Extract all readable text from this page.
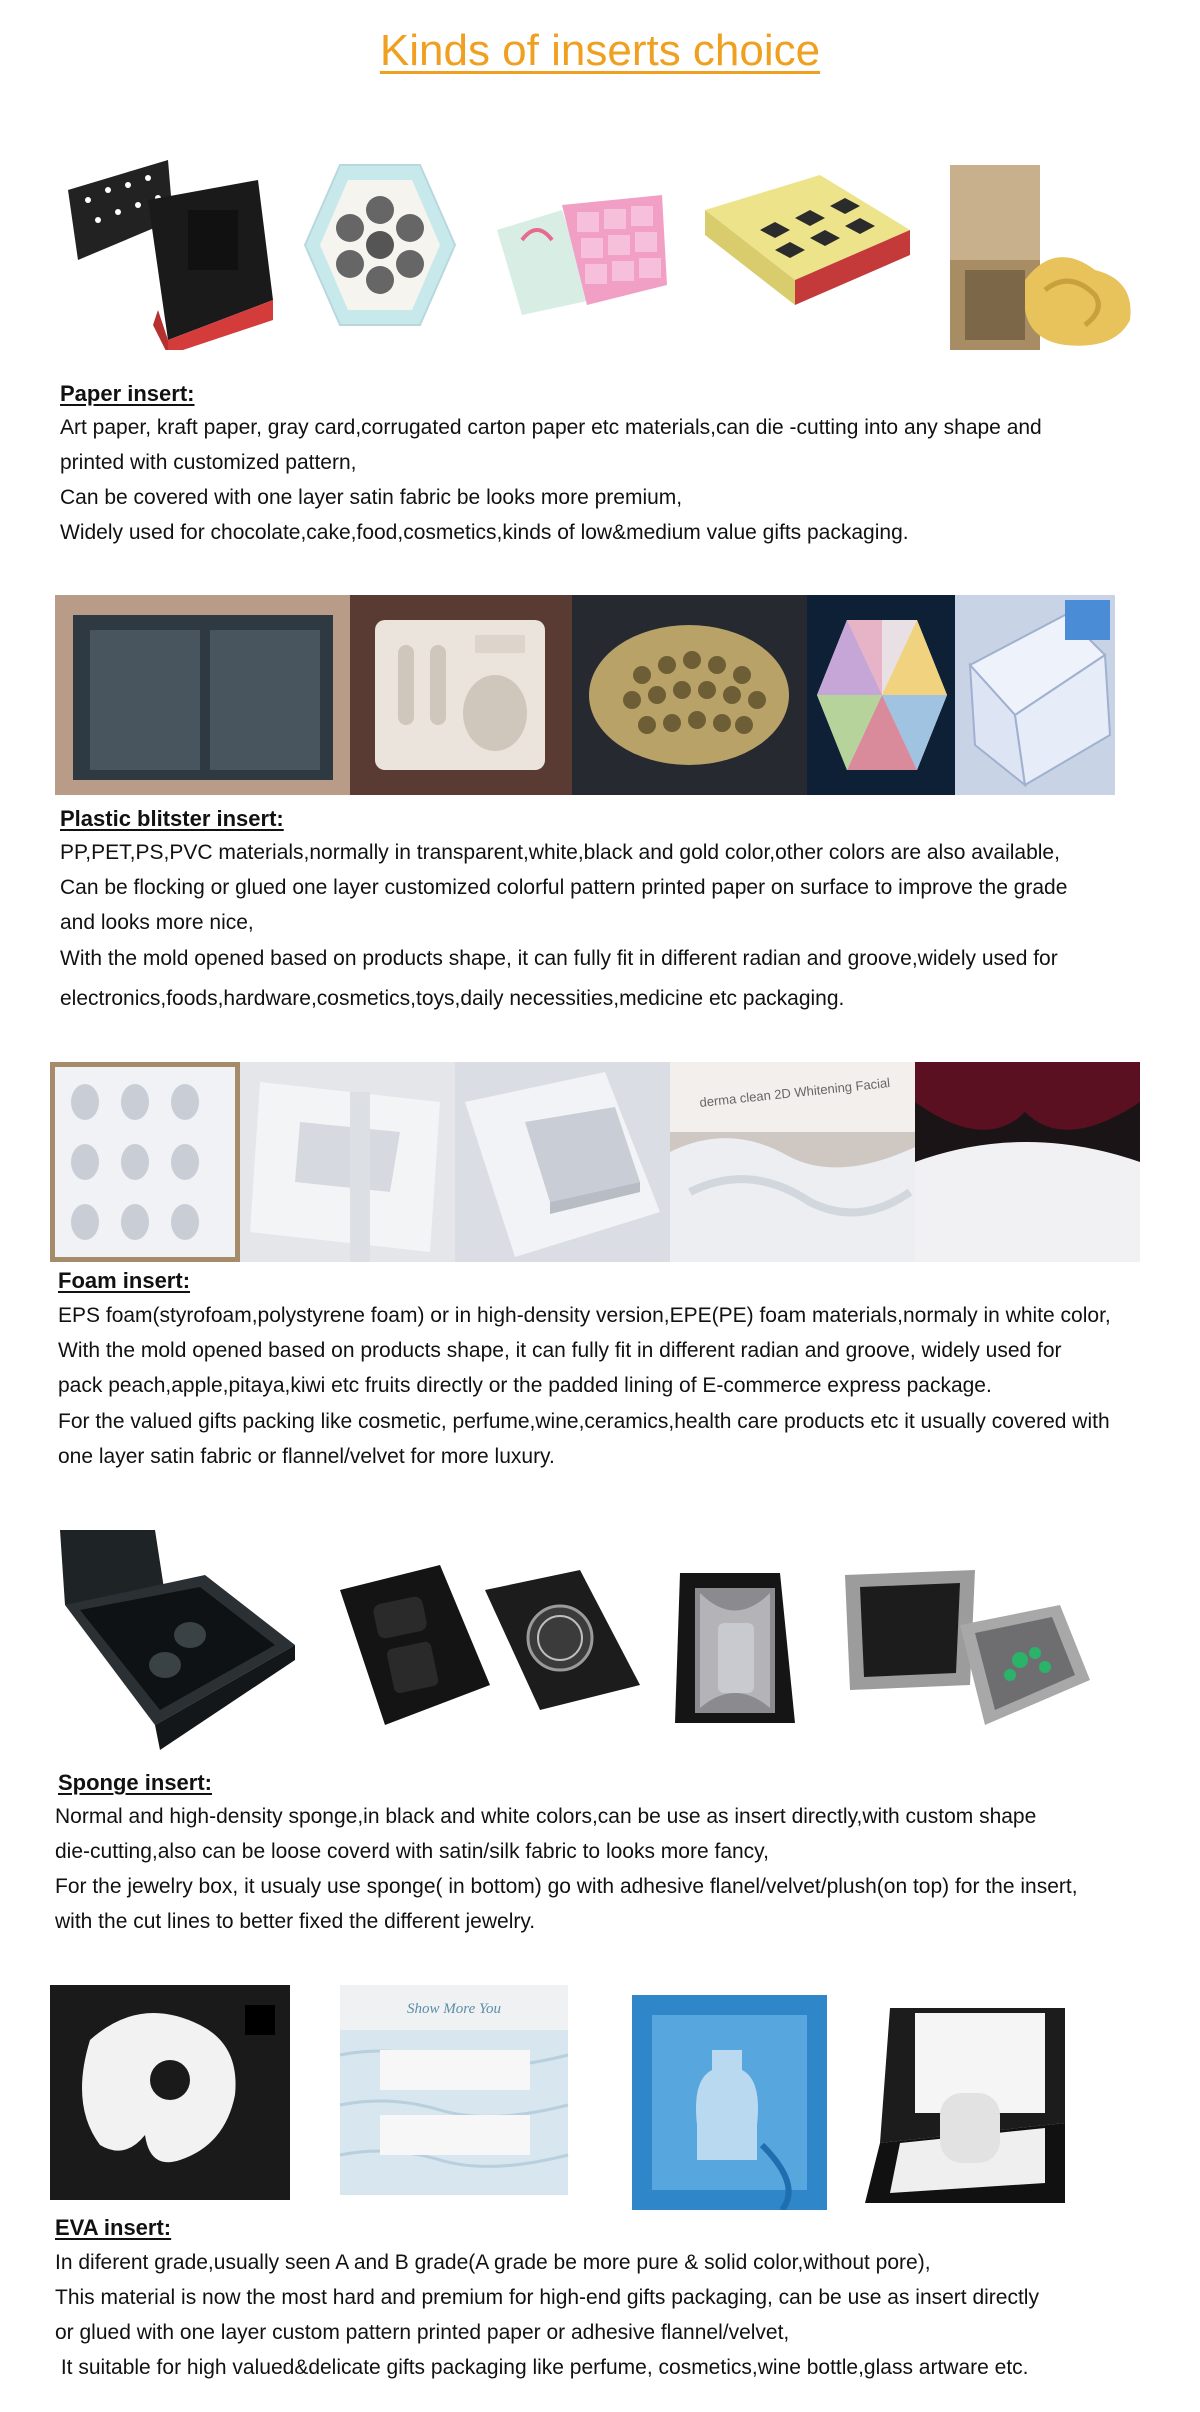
Kinds of inserts choice
Paper insert:
Art paper, kraft paper, gray card,corrugated carton paper etc materials,can die -cutting into any shape and
printed with customized pattern,
Can be covered with one layer satin fabric be looks more premium,
Widely used for chocolate,cake,food,cosmetics,kinds of low&medium value gifts packaging.
Plastic blitster insert:
PP,PET,PS,PVC materials,normally in transparent,white,black and gold color,other colors are also available,
Can be flocking or glued one layer customized colorful pattern printed paper on surface to improve the grade
and looks more nice,
With the mold opened based on products shape, it can fully fit in different radian and groove,widely used for
electronics,foods,hardware,cosmetics,toys,daily necessities,medicine etc packaging.
derma clean 2D Whitening Facial
Foam insert:
EPS foam(styrofoam,polystyrene foam) or in high-density version,EPE(PE) foam materials,normaly in white color,
With the mold opened based on products shape, it can fully fit in different radian and groove, widely used for
pack peach,apple,pitaya,kiwi etc fruits directly or the padded lining of E-commerce express package.
For the valued gifts packing like cosmetic, perfume,wine,ceramics,health care products etc it usually covered with
one layer satin fabric or flannel/velvet for more luxury.
Sponge insert:
Normal and high-density sponge,in black and white colors,can be use as insert directly,with custom shape
die-cutting,also can be loose coverd with satin/silk fabric to looks more fancy,
For the jewelry box, it usualy use sponge( in bottom) go with adhesive flanel/velvet/plush(on top) for the insert,
with the cut lines to better fixed the different jewelry.
Show More You
EVA insert:
In diferent grade,usually seen A and B grade(A grade be more pure & solid color,without pore),
This material is now the most hard and premium for high-end gifts packaging, can be use as insert directly
or glued with one layer custom pattern printed paper or adhesive flannel/velvet,
It suitable for high valued&delicate gifts packaging like perfume, cosmetics,wine bottle,glass artware etc.
